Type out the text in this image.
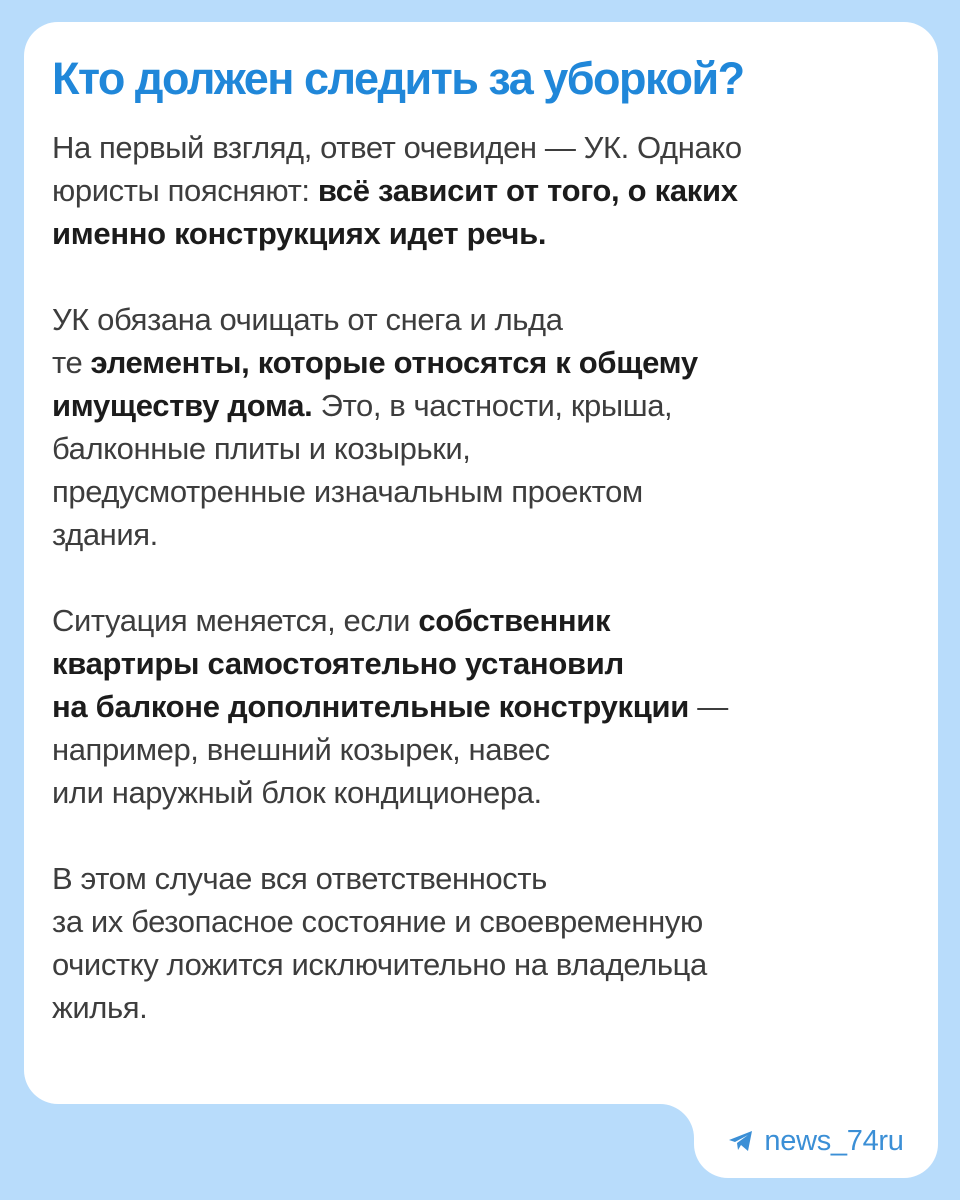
Кто должен следить за уборкой?

На первый взгляд, ответ очевиден — УК. Однако
юристы поясняют: всё зависит от того, о каких
именно конструкциях идет речь.

УК обязана очищать от снега и льда
те элементы, которые относятся к общему
имуществу дома. Это, в частности, крыша,
балконные плиты и козырьки,
предусмотренные изначальным проектом
здания.

Ситуация меняется, если собственник
квартиры самостоятельно установил
на балконе дополнительные конструкции —
например, внешний козырек, навес
или наружный блок кондиционера.

В этом случае вся ответственность
за их безопасное состояние и своевременную
очистку ложится исключительно на владельца
жилья.

news_74ru
